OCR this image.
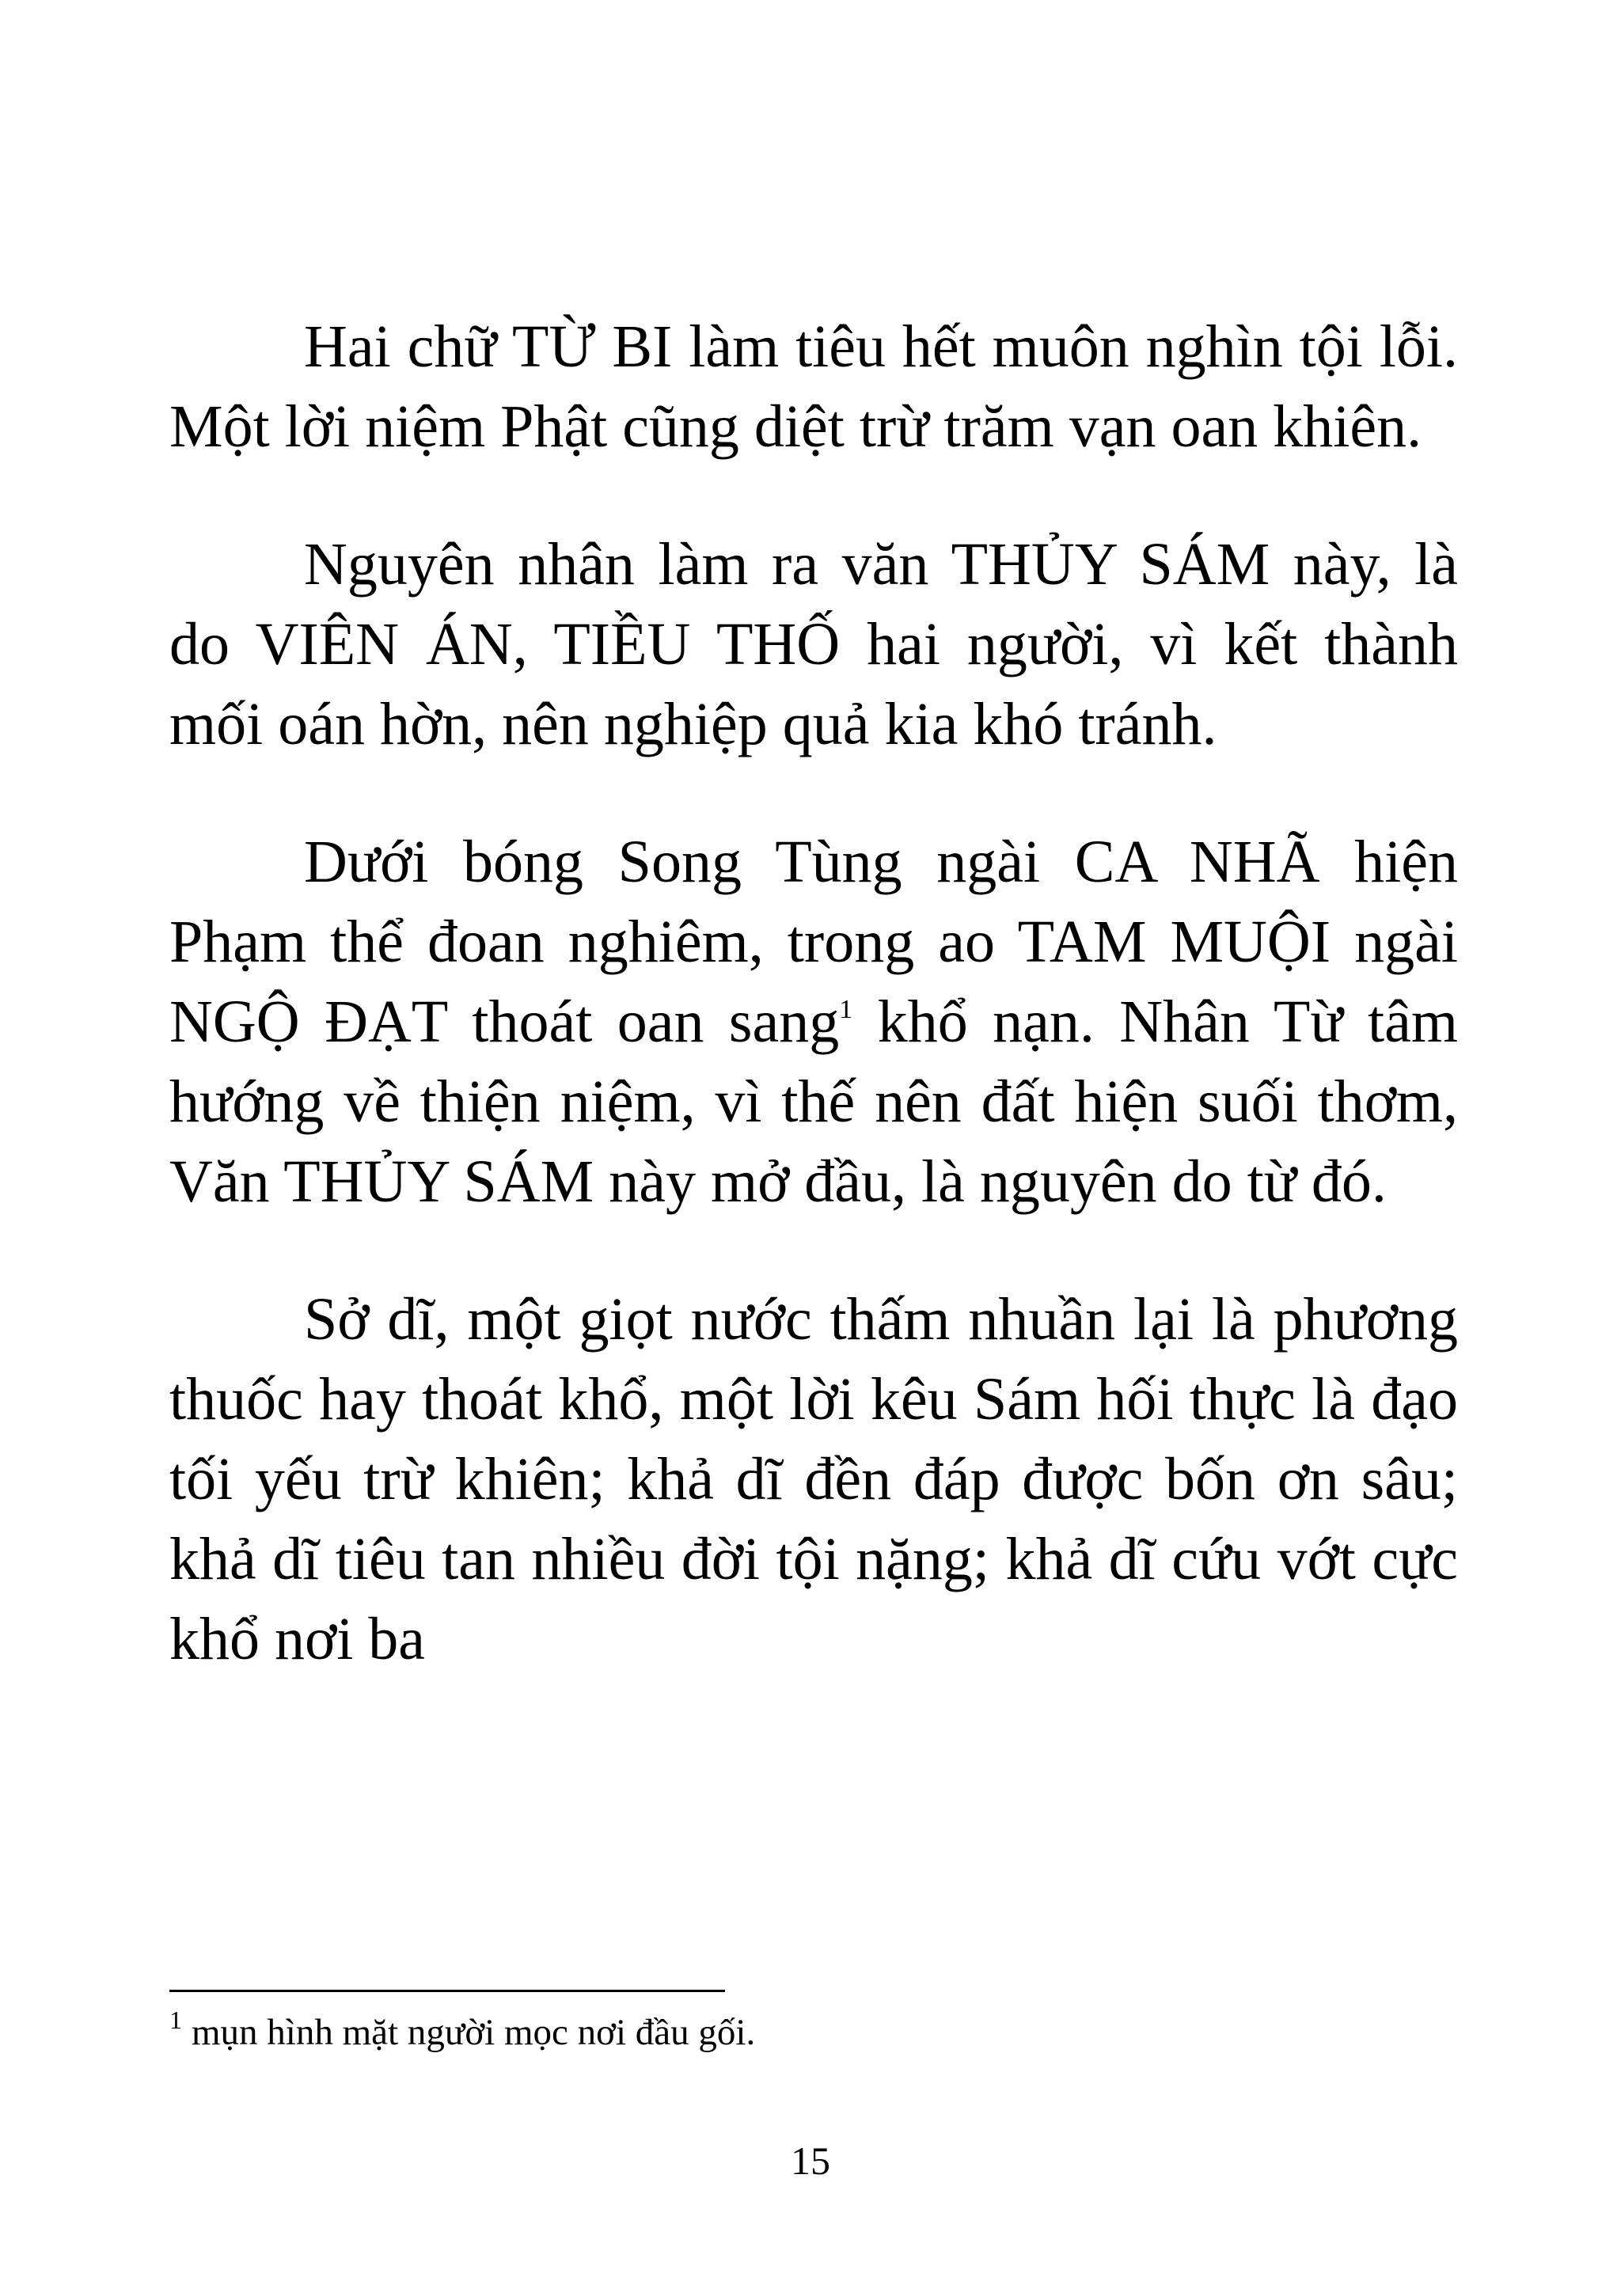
Hai chữ TỪ BI làm tiêu hết muôn nghìn tội lỗi. Một lời niệm Phật cũng diệt trừ trăm vạn oan khiên.

Nguyên nhân làm ra văn THỦY SÁM này, là do VIÊN ÁN, TIỀU THỐ hai người, vì kết thành mối oán hờn, nên nghiệp quả kia khó tránh.

Dưới bóng Song Tùng ngài CA NHÃ hiện Phạm thể đoan nghiêm, trong ao TAM MUỘI ngài NGỘ ĐẠT thoát oan sang$^1$ khổ nạn. Nhân Từ tâm hướng về thiện niệm, vì thế nên đất hiện suối thơm, Văn THỦY SÁM này mở đầu, là nguyên do từ đó.

Sở dĩ, một giọt nước thấm nhuần lại là phương thuốc hay thoát khổ, một lời kêu Sám hối thực là đạo tối yếu trừ khiên; khả dĩ đền đáp được bốn ơn sâu; khả dĩ tiêu tan nhiều đời tội nặng; khả dĩ cứu vớt cực khổ nơi ba

$^1$ mụn hình mặt người mọc nơi đầu gối.
15
